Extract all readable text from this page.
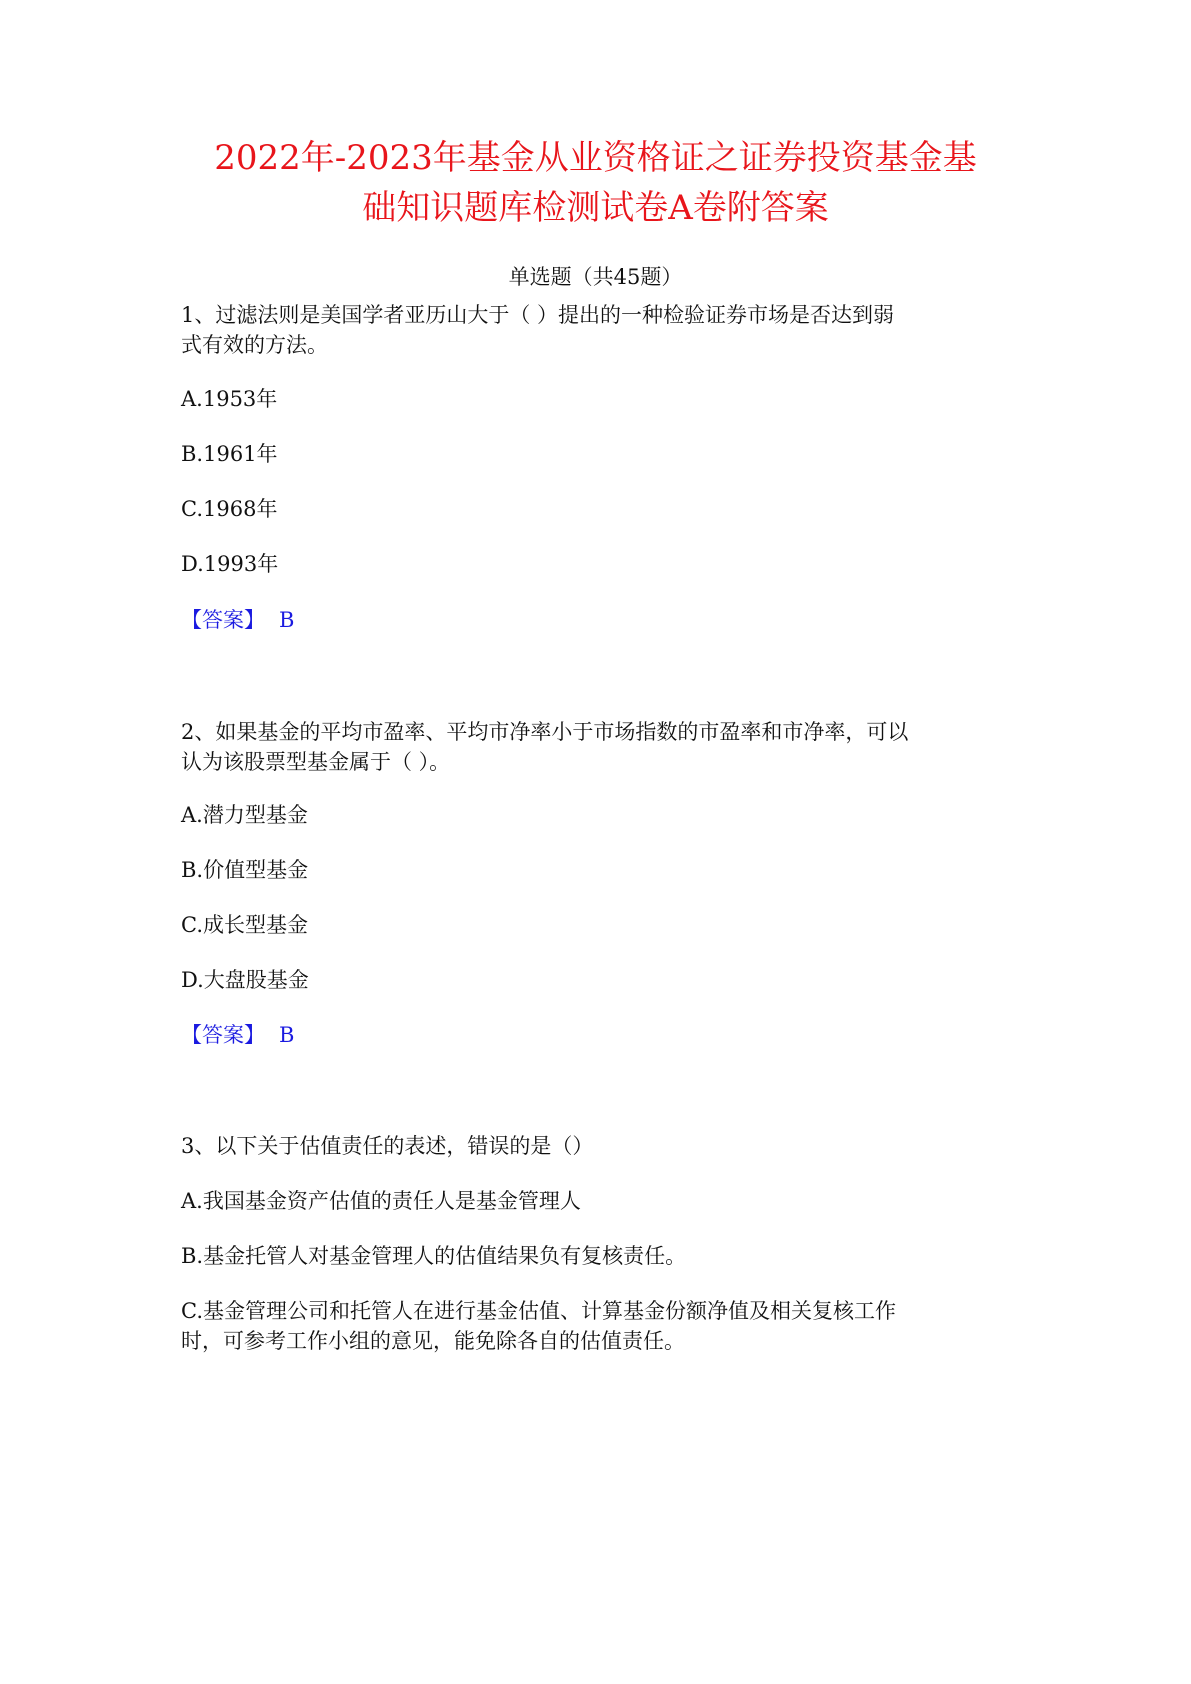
2022年-2023年基金从业资格证之证券投资基金基
础知识题库检测试卷A卷附答案
单选题（共45题）
1、过滤法则是美国学者亚历山大于（ ）提出的一种检验证券市场是否达到弱
式有效的方法。
A.1953年
B.1961年
C.1968年
D.1993年
【答案】 B
2、如果基金的平均市盈率、平均市净率小于市场指数的市盈率和市净率，可以
认为该股票型基金属于（ ）。
A.潜力型基金
B.价值型基金
C.成长型基金
D.大盘股基金
【答案】 B
3、以下关于估值责任的表述，错误的是（）
A.我国基金资产估值的责任人是基金管理人
B.基金托管人对基金管理人的估值结果负有复核责任。
C.基金管理公司和托管人在进行基金估值、计算基金份额净值及相关复核工作
时，可参考工作小组的意见，能免除各自的估值责任。
